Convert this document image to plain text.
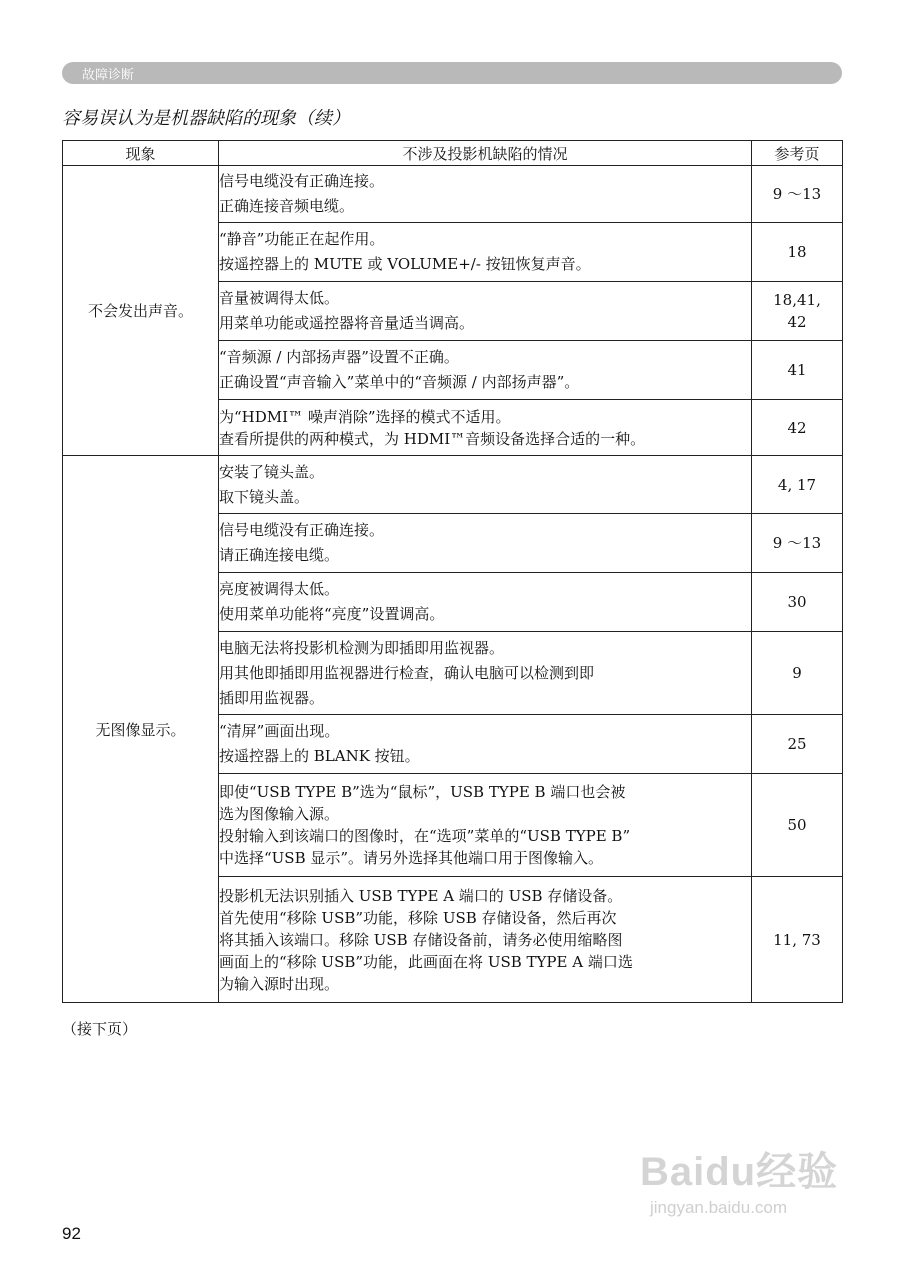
故障诊断
容易误认为是机器缺陷的现象（续）
现象	不涉及投影机缺陷的情况	参考页
不会发出声音。	信号电缆没有正确连接。
正确连接音频电缆。	9 ～13

	“静音”功能正在起作用。
按遥控器上的 MUTE 或 VOLUME+/- 按钮恢复声音。	18

	音量被调得太低。
用菜单功能或遥控器将音量适当调高。	18,41,
42

	“音频源 / 内部扬声器”设置不正确。
正确设置“声音输入”菜单中的“音频源 / 内部扬声器”。	41

	为“HDMI™ 噪声消除”选择的模式不适用。
查看所提供的两种模式，为 HDMI™音频设备选择合适的一种。	42
无图像显示。	安装了镜头盖。
取下镜头盖。	4, 17

	信号电缆没有正确连接。
请正确连接电缆。	9 ～13

	亮度被调得太低。
使用菜单功能将“亮度”设置调高。	30

	电脑无法将投影机检测为即插即用监视器。
用其他即插即用监视器进行检查，确认电脑可以检测到即
插即用监视器。	9

	“清屏”画面出现。
按遥控器上的 BLANK 按钮。	25

	即使“USB TYPE B”选为“鼠标”，USB TYPE B 端口也会被
选为图像输入源。
投射输入到该端口的图像时，在“选项”菜单的“USB TYPE B”
中选择“USB 显示”。请另外选择其他端口用于图像输入。	50

	投影机无法识别插入 USB TYPE A 端口的 USB 存储设备。
首先使用“移除 USB”功能，移除 USB 存储设备，然后再次
将其插入该端口。移除 USB 存储设备前，请务必使用缩略图
画面上的“移除 USB”功能，此画面在将 USB TYPE A 端口选
为输入源时出现。	11, 73
（接下页）
92
Baidu经验
jingyan.baidu.com
